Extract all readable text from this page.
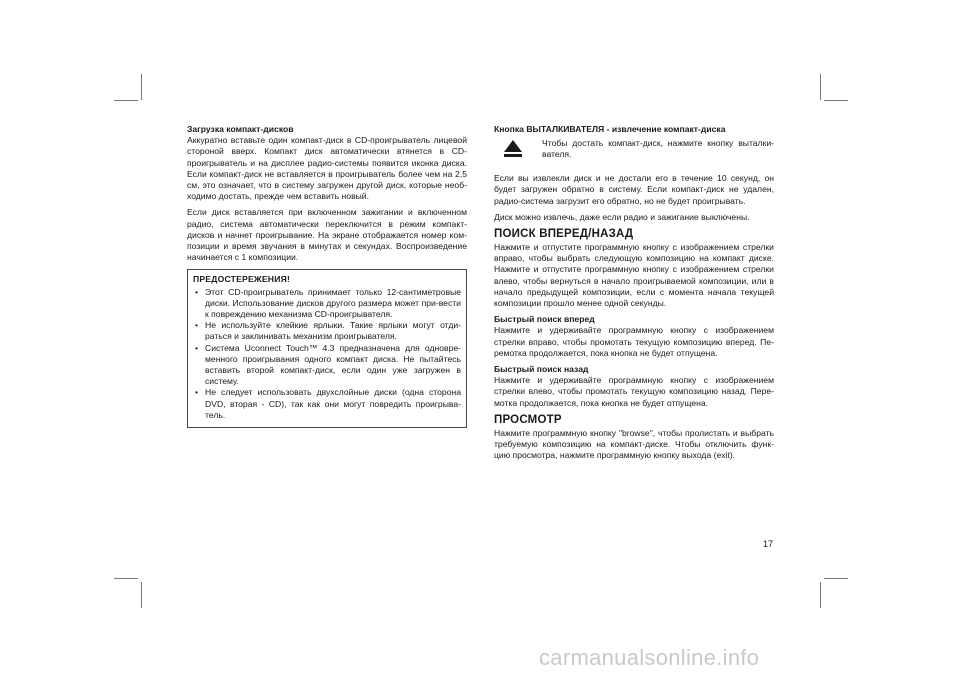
Загрузка компакт-дисков

Аккуратно вставьте один компакт-диск в CD-проигрыватель лицевой стороной вверх. Компакт диск автоматически втянется в CD-проигрыватель и на дисплее радио-системы появится иконка диска. Если компакт-диск не вставляется в проигрыватель более чем на 2,5 см, это означает, что в систему загружен другой диск, которые необ-ходимо достать, прежде чем вставить новый.

Если диск вставляется при включенном зажигании и включенном радио, система автоматически переключится в режим компакт-дисков и начнет проигрывание. На экране отображается номер ком-позиции и время звучания в минутах и секундах. Воспроизведение начинается с 1 композиции.

ПРЕДОСТЕРЕЖЕНИЯ!

• Этот CD-проигрыватель принимает только 12-сантиметровые диски. Использование дисков другого размера может при-вести к повреждению механизма CD-проигрывателя.
• Не используйте клейкие ярлыки. Такие ярлыки могут отди-раться и заклинивать механизм проигрывателя.
• Система Uconnect Touch™ 4.3 предназначена для одновре-менного проигрывания одного компакт диска. Не пытайтесь вставить второй компакт-диск, если один уже загружен в систему.
• Не следует использовать двухслойные диски (одна сторона DVD, вторая - CD), так как они могут повредить проигрыва-тель.

Кнопка ВЫТАЛКИВАТЕЛЯ - извлечение компакт-диска

Чтобы достать компакт-диск, нажмите кнопку выталки-вателя.

Если вы извлекли диск и не достали его в течение 10 секунд, он будет загружен обратно в систему. Если компакт-диск не удален, радио-система загрузит его обратно, но не будет проигрывать.

Диск можно извлечь, даже если радио и зажигание выключены.

ПОИСК ВПЕРЕД/НАЗАД

Нажмите и отпустите программную кнопку с изображением стрелки вправо, чтобы выбрать следующую композицию на компакт диске. Нажмите и отпустите программную кнопку с изображением стрелки влево, чтобы вернуться в начало проигрываемой композиции, или в начало предыдущей композиции, если с момента начала текущей композиции прошло менее одной секунды.

Быстрый поиск вперед

Нажмите и удерживайте программную кнопку с изображением стрелки вправо, чтобы промотать текущую композицию вперед. Пе-ремотка продолжается, пока кнопка не будет отпущена.

Быстрый поиск назад

Нажмите и удерживайте программную кнопку с изображением стрелки влево, чтобы промотать текущую композицию назад. Пере-мотка продолжается, пока кнопка не будет отпущена.

ПРОСМОТР

Нажмите программную кнопку "browse", чтобы пролистать и выбрать требуемую композицию на компакт-диске. Чтобы отключить функ-цию просмотра, нажмите программную кнопку выхода (exit).

17
carmanualsonline.info
